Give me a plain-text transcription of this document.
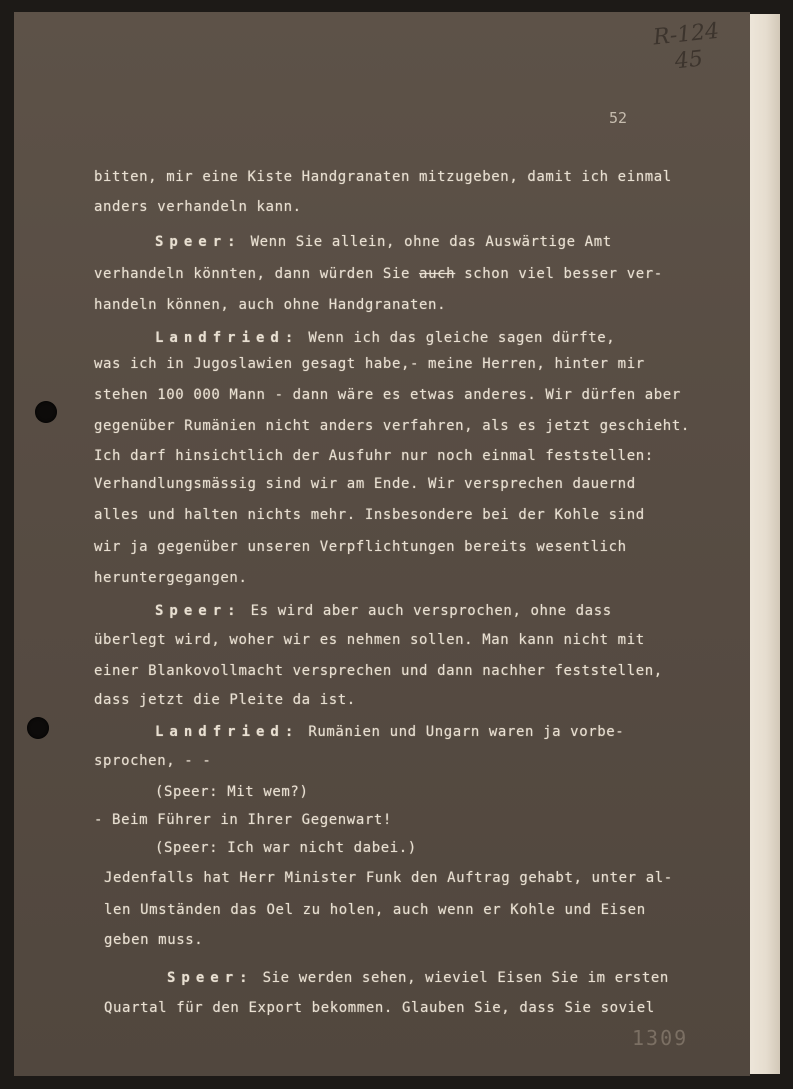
52
1309
bitten, mir eine Kiste Handgranaten mitzugeben, damit ich einmal
anders verhandeln kann.
Speer: Wenn Sie allein, ohne das Auswärtige Amt
verhandeln könnten, dann würden Sie auch schon viel besser ver-
handeln können, auch ohne Handgranaten.
Landfried: Wenn ich das gleiche sagen dürfte,
was ich in Jugoslawien gesagt habe,- meine Herren, hinter mir
stehen 100 000 Mann - dann wäre es etwas anderes. Wir dürfen aber
gegenüber Rumänien nicht anders verfahren, als es jetzt geschieht.
Ich darf hinsichtlich der Ausfuhr nur noch einmal feststellen:
Verhandlungsmässig sind wir am Ende. Wir versprechen dauernd
alles und halten nichts mehr. Insbesondere bei der Kohle sind
wir ja gegenüber unseren Verpflichtungen bereits wesentlich
heruntergegangen.
Speer: Es wird aber auch versprochen, ohne dass
überlegt wird, woher wir es nehmen sollen. Man kann nicht mit
einer Blankovollmacht versprechen und dann nachher feststellen,
dass jetzt die Pleite da ist.
Landfried: Rumänien und Ungarn waren ja vorbe-
sprochen, - -
(Speer: Mit wem?)
- Beim Führer in Ihrer Gegenwart!
(Speer: Ich war nicht dabei.)
Jedenfalls hat Herr Minister Funk den Auftrag gehabt, unter al-
len Umständen das Oel zu holen, auch wenn er Kohle und Eisen
geben muss.
Speer: Sie werden sehen, wieviel Eisen Sie im ersten
Quartal für den Export bekommen. Glauben Sie, dass Sie soviel
R-124
45
